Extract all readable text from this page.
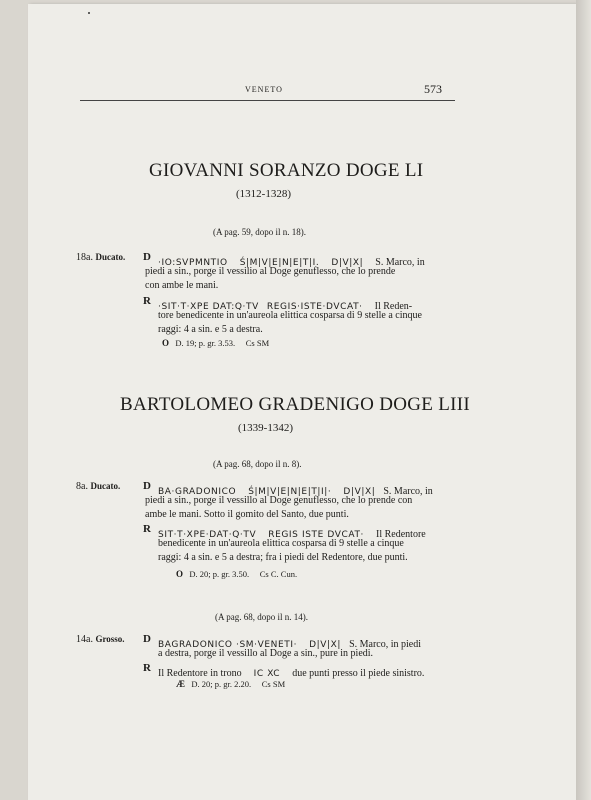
VENETO	573
GIOVANNI SORANZO DOGE LI
(1312-1328)
(A pag. 59, dopo il n. 18).
18a. Ducato. D ·IO:SVPMNTIO Ś|M|V|E|N|E|T|I. D|V|X| S. Marco, in
piedi a sin., porge il vessilio al Doge genuflesso, che lo prende
con ambe le mani.
R ·SIT·T·XPE DAT:Q·TV REGIS·ISTE·DVCAT· Il Reden-
tore benedicente in un'aureola elittica cosparsa di 9 stelle a cinque
raggi: 4 a sin. e 5 a destra.
O D. 19; p. gr. 3.53. Cs SM
BARTOLOMEO GRADENIGO DOGE LIII
(1339-1342)
(A pag. 68, dopo il n. 8).
8a. Ducato. D BA·GRADONICO Ś|M|V|E|N|E|T|I|· D|V|X| S. Marco, in
piedi a sin., porge il vessillo al Doge genuflesso, che lo prende con
ambe le mani. Sotto il gomito del Santo, due punti.
R SIT·T·XPE·DAT·Q·TV REGIS ISTE DVCAT· Il Redentore
benedicente in un'aureola elittica cosparsa di 9 stelle a cinque
raggi: 4 a sin. e 5 a destra; fra i piedi del Redentore, due punti.
O D. 20; p. gr. 3.50. Cs C. Cun.
(A pag. 68, dopo il n. 14).
14a. Grosso. D BAGRADONICO ·SM·VENETI· D|V|X| S. Marco, in piedi
a destra, porge il vessillo al Doge a sin., pure in piedi.
R Il Redentore in trono IC XC due punti presso il piede sinistro.
Æ D. 20; p. gr. 2.20. Cs SM
